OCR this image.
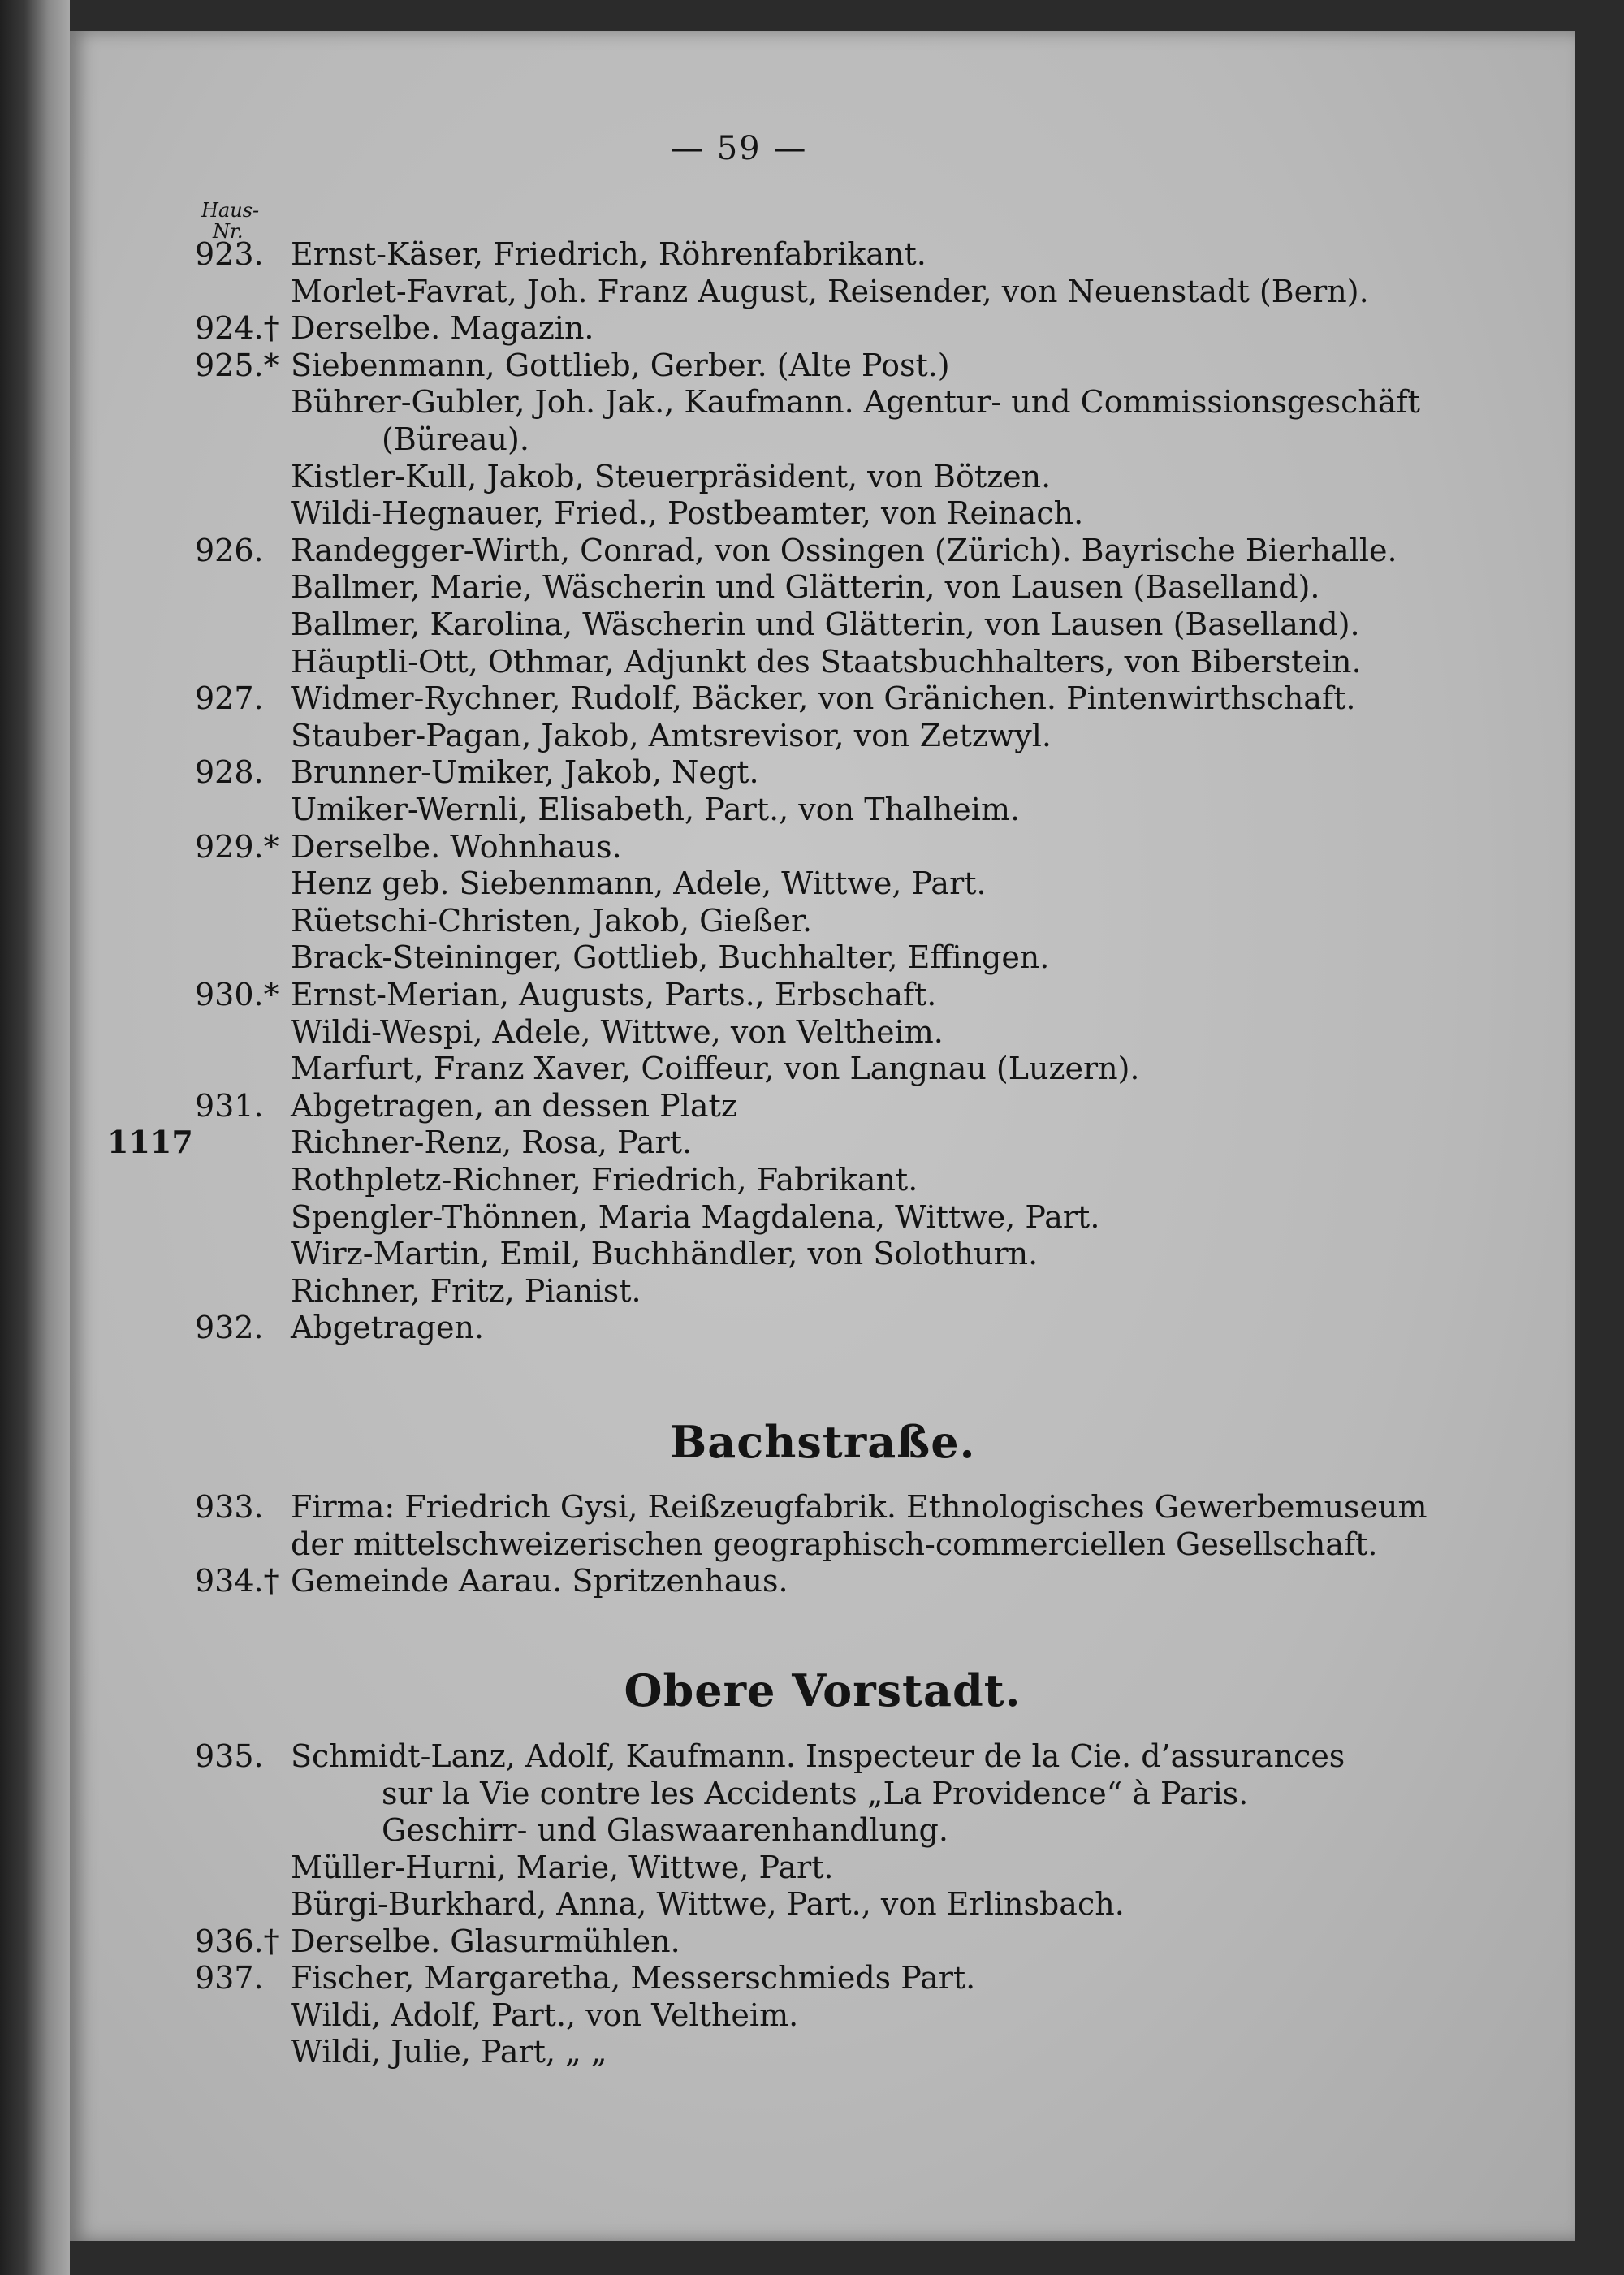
— 59 —
Haus-
Nr.
923. Ernst-Käser, Friedrich, Röhrenfabrikant.
Morlet-Favrat, Joh. Franz August, Reisender, von Neuenstadt (Bern).
924.† Derselbe. Magazin.
925.* Siebenmann, Gottlieb, Gerber. (Alte Post.)
Bührer-Gubler, Joh. Jak., Kaufmann. Agentur- und Commissionsgeschäft
(Büreau).
Kistler-Kull, Jakob, Steuerpräsident, von Bötzen.
Wildi-Hegnauer, Fried., Postbeamter, von Reinach.
926. Randegger-Wirth, Conrad, von Ossingen (Zürich). Bayrische Bierhalle.
Ballmer, Marie, Wäscherin und Glätterin, von Lausen (Baselland).
Ballmer, Karolina, Wäscherin und Glätterin, von Lausen (Baselland).
Häuptli-Ott, Othmar, Adjunkt des Staatsbuchhalters, von Biberstein.
927. Widmer-Rychner, Rudolf, Bäcker, von Gränichen. Pintenwirthschaft.
Stauber-Pagan, Jakob, Amtsrevisor, von Zetzwyl.
928. Brunner-Umiker, Jakob, Negt.
Umiker-Wernli, Elisabeth, Part., von Thalheim.
929.* Derselbe. Wohnhaus.
Henz geb. Siebenmann, Adele, Wittwe, Part.
Rüetschi-Christen, Jakob, Gießer.
Brack-Steininger, Gottlieb, Buchhalter, Effingen.
930.* Ernst-Merian, Augusts, Parts., Erbschaft.
Wildi-Wespi, Adele, Wittwe, von Veltheim.
Marfurt, Franz Xaver, Coiffeur, von Langnau (Luzern).
931. Abgetragen, an dessen Platz
1117	Richner-Renz, Rosa, Part.
Rothpletz-Richner, Friedrich, Fabrikant.
Spengler-Thönnen, Maria Magdalena, Wittwe, Part.
Wirz-Martin, Emil, Buchhändler, von Solothurn.
Richner, Fritz, Pianist.
932. Abgetragen.
Bachstraße.
933. Firma: Friedrich Gysi, Reißzeugfabrik. Ethnologisches Gewerbemuseum
der mittelschweizerischen geographisch-commerciellen Gesellschaft.
934.† Gemeinde Aarau. Spritzenhaus.
Obere Vorstadt.
935. Schmidt-Lanz, Adolf, Kaufmann. Inspecteur de la Cie. d’assurances
sur la Vie contre les Accidents „La Providence“ à Paris.
Geschirr- und Glaswaarenhandlung.
Müller-Hurni, Marie, Wittwe, Part.
Bürgi-Burkhard, Anna, Wittwe, Part., von Erlinsbach.
936.† Derselbe. Glasurmühlen.
937. Fischer, Margaretha, Messerschmieds Part.
Wildi, Adolf, Part., von Veltheim.
Wildi, Julie, Part, „ „
